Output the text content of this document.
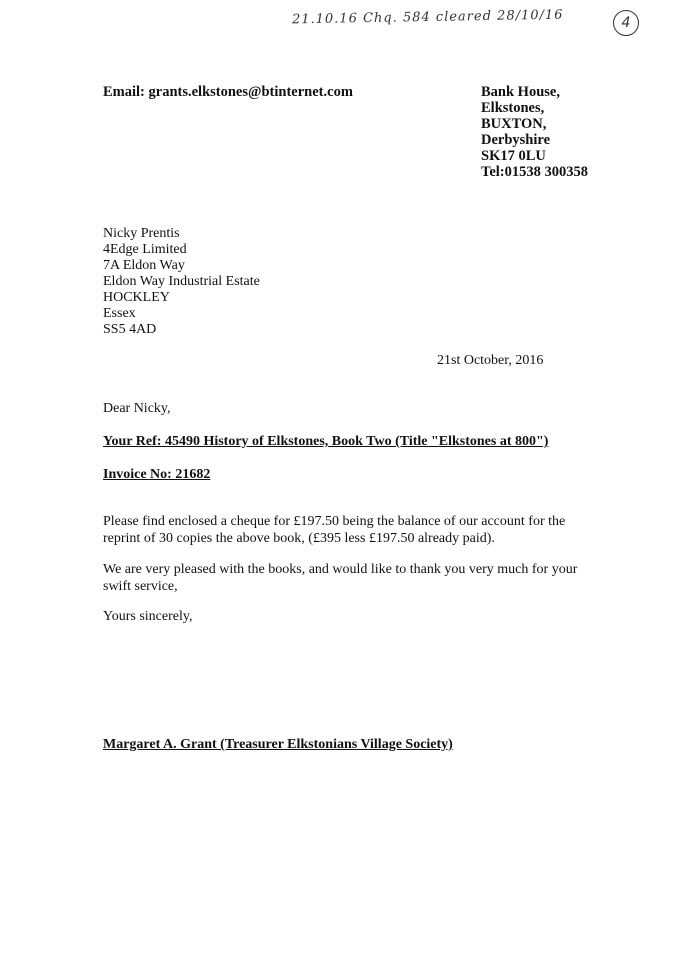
21.10.16 Chq. 584 cleared 28/10/16	4
Email: grants.elkstones@btinternet.com	Bank House,
Elkstones,
BUXTON,
Derbyshire
SK17 0LU
Tel:01538 300358
Nicky Prentis
4Edge Limited
7A Eldon Way
Eldon Way Industrial Estate
HOCKLEY
Essex
SS5 4AD
21st October, 2016
Dear Nicky,
Your Ref: 45490 History of Elkstones, Book Two (Title "Elkstones at 800")
Invoice No: 21682

Please find enclosed a cheque for £197.50 being the balance of our account for the reprint of 30 copies the above book, (£395 less £197.50 already paid).

We are very pleased with the books, and would like to thank you very much for your swift service,

Yours sincerely,
Margaret A. Grant (Treasurer Elkstonians Village Society)
